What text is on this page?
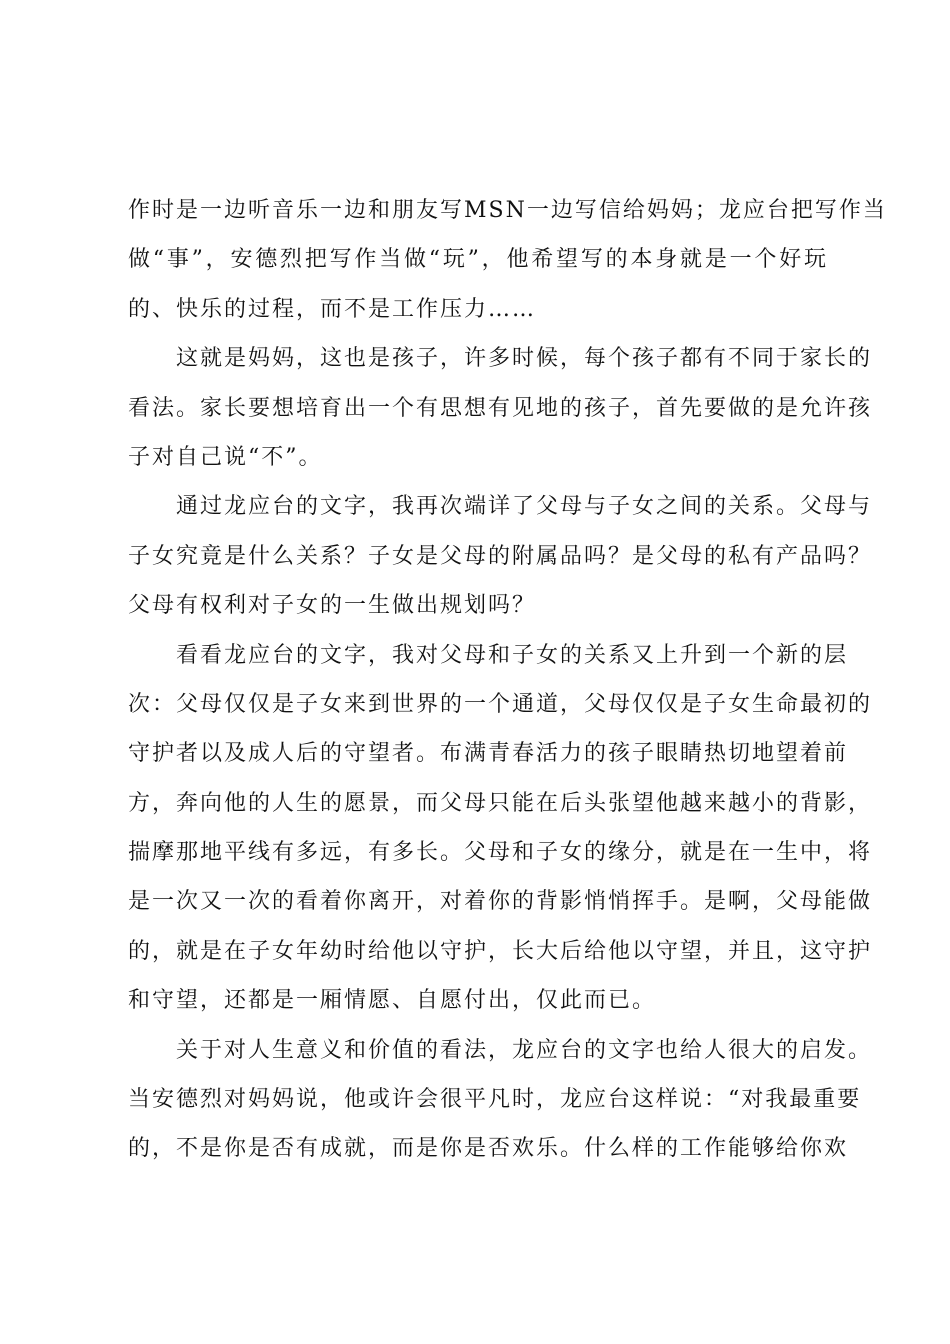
作时是一边听音乐一边和朋友写MSN一边写信给妈妈；龙应台把写作当
做“事”，安德烈把写作当做“玩”，他希望写的本身就是一个好玩
的、快乐的过程，而不是工作压力……
　　这就是妈妈，这也是孩子，许多时候，每个孩子都有不同于家长的
看法。家长要想培育出一个有思想有见地的孩子，首先要做的是允许孩
子对自己说“不”。
　　通过龙应台的文字，我再次端详了父母与子女之间的关系。父母与
子女究竟是什么关系？子女是父母的附属品吗？是父母的私有产品吗？
父母有权利对子女的一生做出规划吗？
　　看看龙应台的文字，我对父母和子女的关系又上升到一个新的层
次：父母仅仅是子女来到世界的一个通道，父母仅仅是子女生命最初的
守护者以及成人后的守望者。布满青春活力的孩子眼睛热切地望着前
方，奔向他的人生的愿景，而父母只能在后头张望他越来越小的背影，
揣摩那地平线有多远，有多长。父母和子女的缘分，就是在一生中，将
是一次又一次的看着你离开，对着你的背影悄悄挥手。是啊，父母能做
的，就是在子女年幼时给他以守护，长大后给他以守望，并且，这守护
和守望，还都是一厢情愿、自愿付出，仅此而已。
　　关于对人生意义和价值的看法，龙应台的文字也给人很大的启发。
当安德烈对妈妈说，他或许会很平凡时，龙应台这样说：“对我最重要
的，不是你是否有成就，而是你是否欢乐。什么样的工作能够给你欢
